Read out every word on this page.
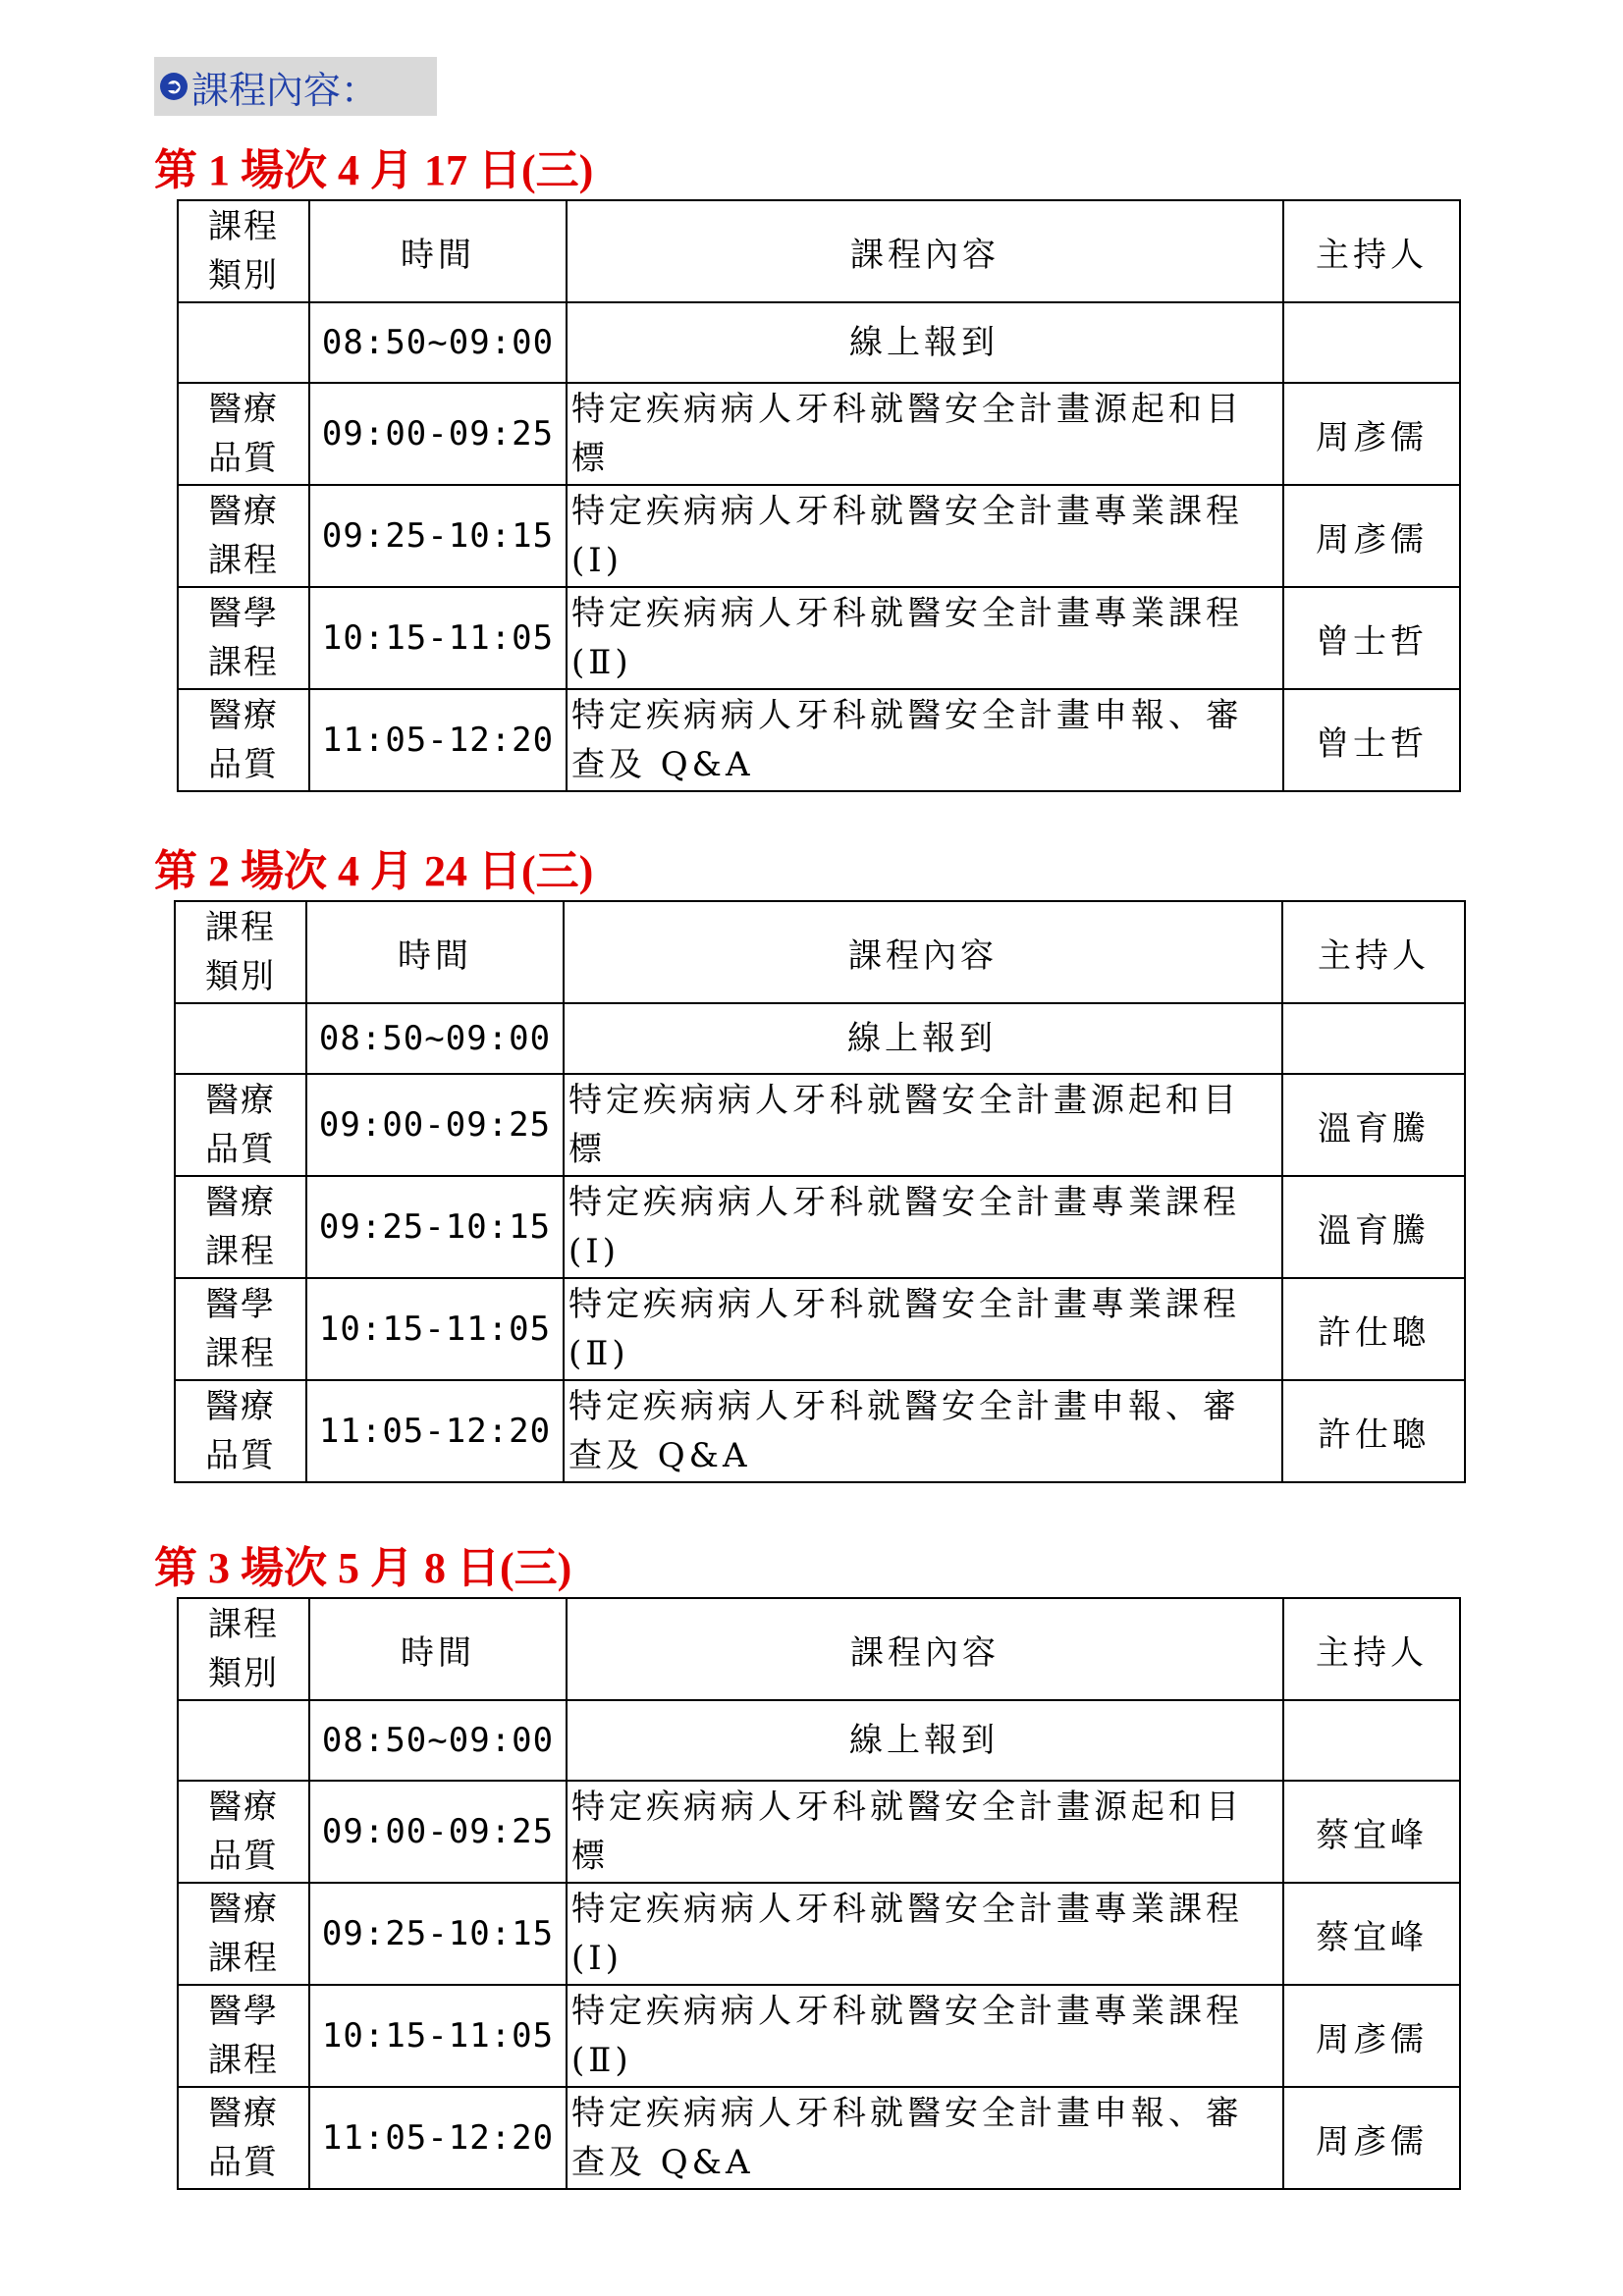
➲ 課程內容：
第 1 場次 4 月 17 日(三)
課程
類別	時間	課程內容	主持人
	08:50~09:00	線上報到	

醫療
品質	09:00-09:25	特定疾病病人牙科就醫安全計畫源起和目標	周彥儒

醫療
課程	09:25-10:15	特定疾病病人牙科就醫安全計畫專業課程(Ⅰ)	周彥儒

醫學
課程	10:15-11:05	特定疾病病人牙科就醫安全計畫專業課程(Ⅱ)	曾士哲

醫療
品質	11:05-12:20	特定疾病病人牙科就醫安全計畫申報、審查及 Q&A	曾士哲
第 2 場次 4 月 24 日(三)
課程
類別	時間	課程內容	主持人
	08:50~09:00	線上報到	

醫療
品質	09:00-09:25	特定疾病病人牙科就醫安全計畫源起和目標	溫育騰

醫療
課程	09:25-10:15	特定疾病病人牙科就醫安全計畫專業課程(Ⅰ)	溫育騰

醫學
課程	10:15-11:05	特定疾病病人牙科就醫安全計畫專業課程(Ⅱ)	許仕聰

醫療
品質	11:05-12:20	特定疾病病人牙科就醫安全計畫申報、審查及 Q&A	許仕聰
第 3 場次 5 月 8 日(三)
課程
類別	時間	課程內容	主持人
	08:50~09:00	線上報到	

醫療
品質	09:00-09:25	特定疾病病人牙科就醫安全計畫源起和目標	蔡宜峰

醫療
課程	09:25-10:15	特定疾病病人牙科就醫安全計畫專業課程(Ⅰ)	蔡宜峰

醫學
課程	10:15-11:05	特定疾病病人牙科就醫安全計畫專業課程(Ⅱ)	周彥儒

醫療
品質	11:05-12:20	特定疾病病人牙科就醫安全計畫申報、審查及 Q&A	周彥儒
